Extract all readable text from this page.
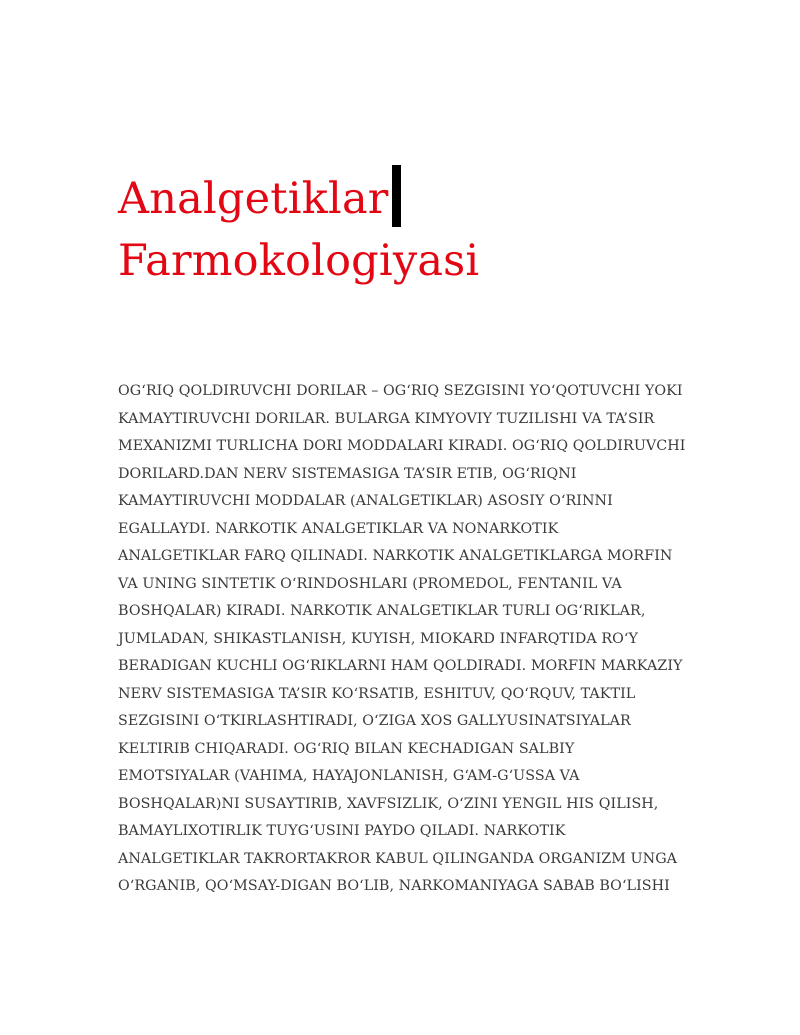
Analgetiklar
Farmokologiyasi
OG‘RIQ QOLDIRUVCHI DORILAR – OG‘RIQ SEZGISINI YO‘QOTUVCHI YOKI
KAMAYTIRUVCHI DORILAR. BULARGA KIMYOVIY TUZILISHI VA TA’SIR
MEXANIZMI TURLICHA DORI MODDALARI KIRADI. OG‘RIQ QOLDIRUVCHI
DORILARD.DAN NERV SISTEMASIGA TA’SIR ETIB, OG‘RIQNI
KAMAYTIRUVCHI MODDALAR (ANALGETIKLAR) ASOSIY O‘RINNI
EGALLAYDI. NARKOTIK ANALGETIKLAR VA NONARKOTIK
ANALGETIKLAR FARQ QILINADI. NARKOTIK ANALGETIKLARGA MORFIN
VA UNING SINTETIK O‘RINDOSHLARI (PROMEDOL, FENTANIL VA
BOSHQALAR) KIRADI. NARKOTIK ANALGETIKLAR TURLI OG‘RIKLAR,
JUMLADAN, SHIKASTLANISH, KUYISH, MIOKARD INFARQTIDA RO‘Y
BERADIGAN KUCHLI OG‘RIKLARNI HAM QOLDIRADI. MORFIN MARKAZIY
NERV SISTEMASIGA TA’SIR KO‘RSATIB, ESHITUV, QO‘RQUV, TAKTIL
SEZGISINI O‘TKIRLASHTIRADI, O‘ZIGA XOS GALLYUSINATSIYALAR
KELTIRIB CHIQARADI. OG‘RIQ BILAN KECHADIGAN SALBIY
EMOTSIYALAR (VAHIMA, HAYAJONLANISH, G‘AM-G‘USSA VA
BOSHQALAR)NI SUSAYTIRIB, XAVFSIZLIK, O‘ZINI YENGIL HIS QILISH,
BAMAYLIXOTIRLIK TUYG‘USINI PAYDO QILADI. NARKOTIK
ANALGETIKLAR TAKRORTAKROR KABUL QILINGANDA ORGANIZM UNGA
O‘RGANIB, QO‘MSAY-DIGAN BO‘LIB, NARKOMANIYAGA SABAB BO‘LISHI
